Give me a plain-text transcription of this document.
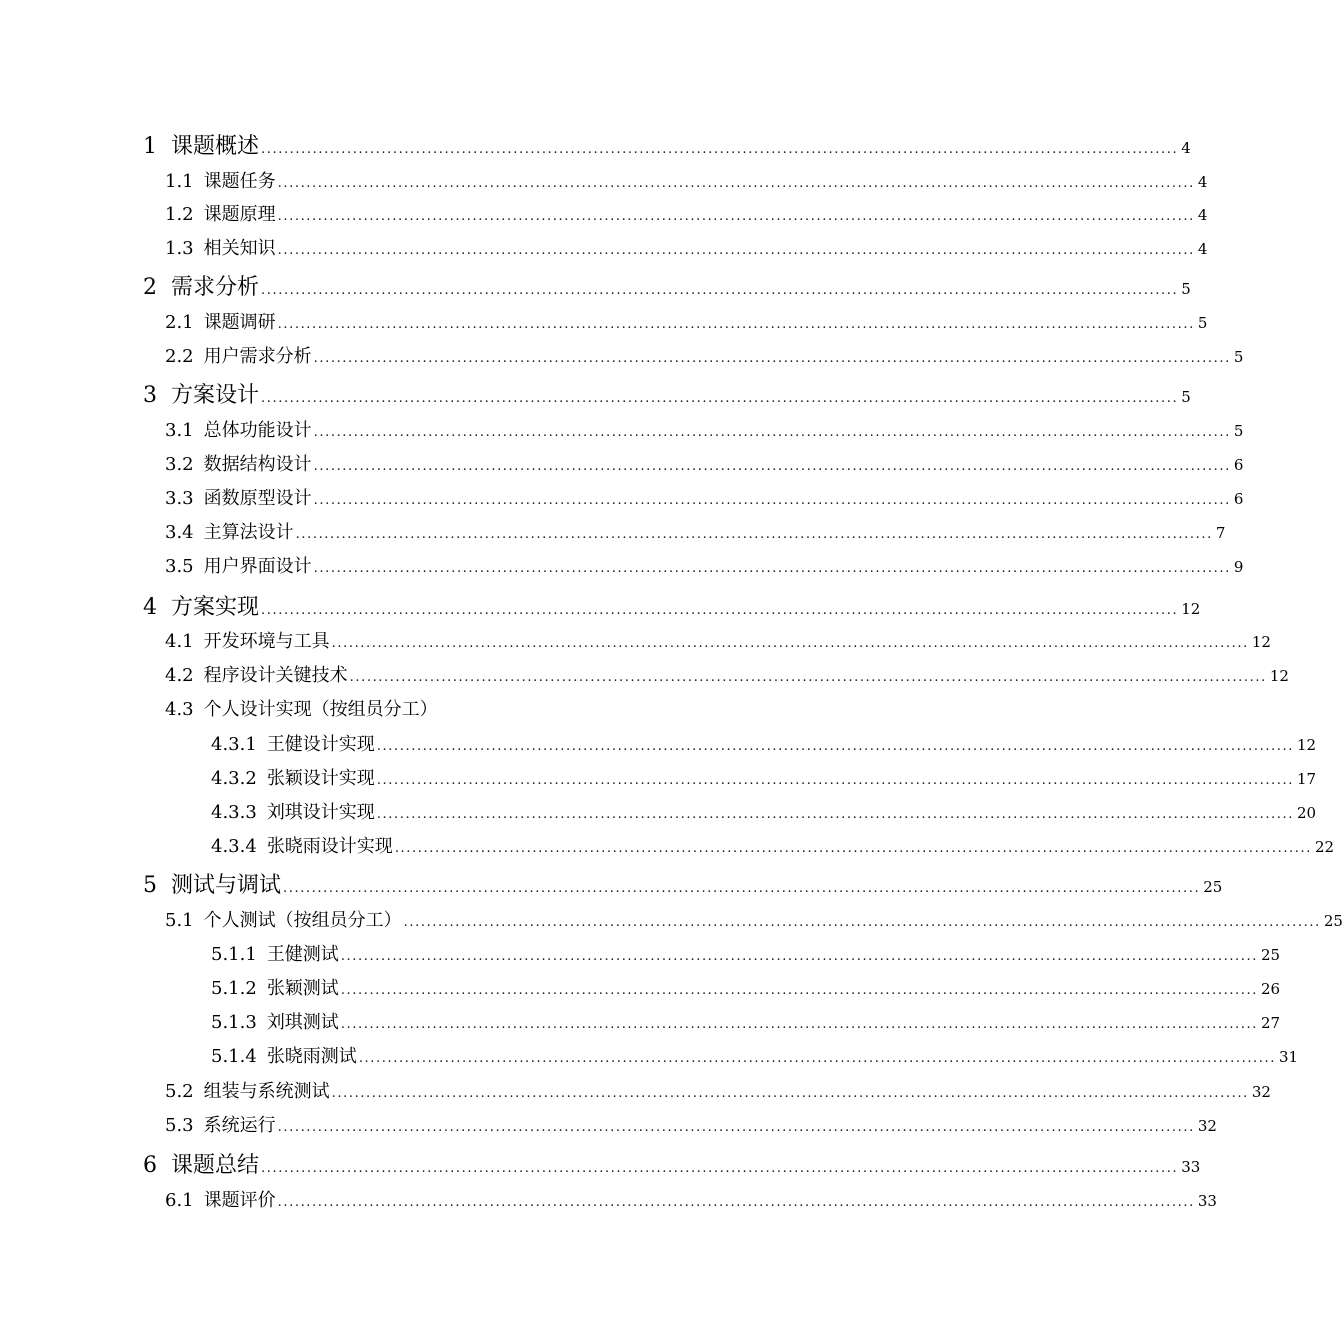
1 课题概述 ................................................................................................................................................................ 4
1.1 课题任务 ................................................................................................................................................................ 4
1.2 课题原理 ................................................................................................................................................................ 4
1.3 相关知识 ................................................................................................................................................................ 4
2 需求分析 ................................................................................................................................................................ 5
2.1 课题调研 ................................................................................................................................................................ 5
2.2 用户需求分析 ................................................................................................................................................................ 5
3 方案设计 ................................................................................................................................................................ 5
3.1 总体功能设计 ................................................................................................................................................................ 5
3.2 数据结构设计 ................................................................................................................................................................ 6
3.3 函数原型设计 ................................................................................................................................................................ 6
3.4 主算法设计 ................................................................................................................................................................ 7
3.5 用户界面设计 ................................................................................................................................................................ 9
4 方案实现 ................................................................................................................................................................ 12
4.1 开发环境与工具 ................................................................................................................................................................ 12
4.2 程序设计关键技术 ................................................................................................................................................................ 12
4.3 个人设计实现（按组员分工）
4.3.1 王健设计实现 ................................................................................................................................................................ 12
4.3.2 张颖设计实现 ................................................................................................................................................................ 17
4.3.3 刘琪设计实现 ................................................................................................................................................................ 20
4.3.4 张晓雨设计实现 ................................................................................................................................................................ 22
5 测试与调试 ................................................................................................................................................................ 25
5.1 个人测试（按组员分工） ................................................................................................................................................................ 25
5.1.1 王健测试 ................................................................................................................................................................ 25
5.1.2 张颖测试 ................................................................................................................................................................ 26
5.1.3 刘琪测试 ................................................................................................................................................................ 27
5.1.4 张晓雨测试 ................................................................................................................................................................ 31
5.2 组装与系统测试 ................................................................................................................................................................ 32
5.3 系统运行 ................................................................................................................................................................ 32
6 课题总结 ................................................................................................................................................................ 33
6.1 课题评价 ................................................................................................................................................................ 33
